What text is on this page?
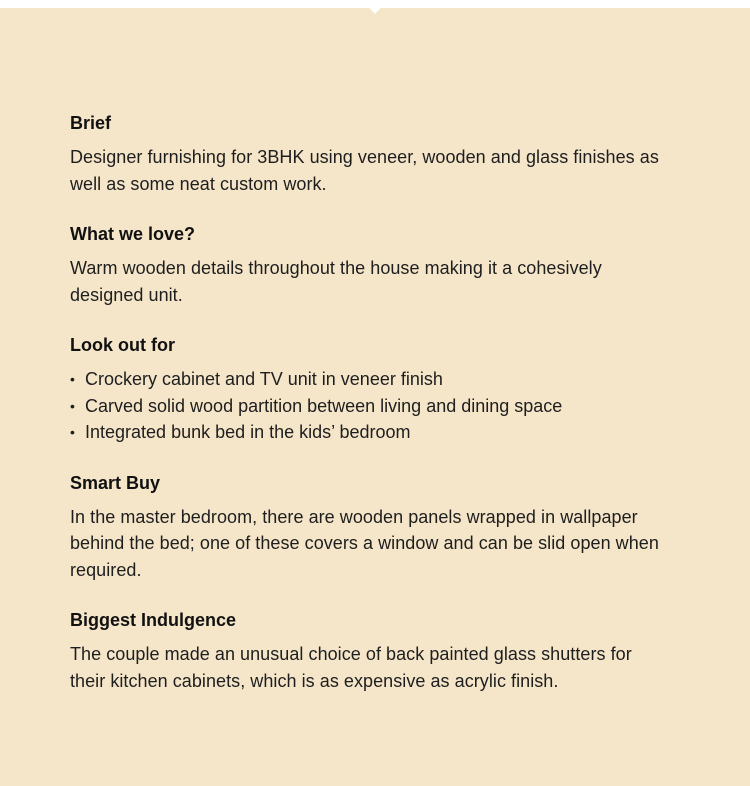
Brief
Designer furnishing for 3BHK using veneer, wooden and glass finishes as well as some neat custom work.
What we love?
Warm wooden details throughout the house making it a cohesively designed unit.
Look out for
• Crockery cabinet and TV unit in veneer finish
• Carved solid wood partition between living and dining space
• Integrated bunk bed in the kids’ bedroom
Smart Buy
In the master bedroom, there are wooden panels wrapped in wallpaper behind the bed; one of these covers a window and can be slid open when required.
Biggest Indulgence
The couple made an unusual choice of back painted glass shutters for their kitchen cabinets, which is as expensive as acrylic finish.
